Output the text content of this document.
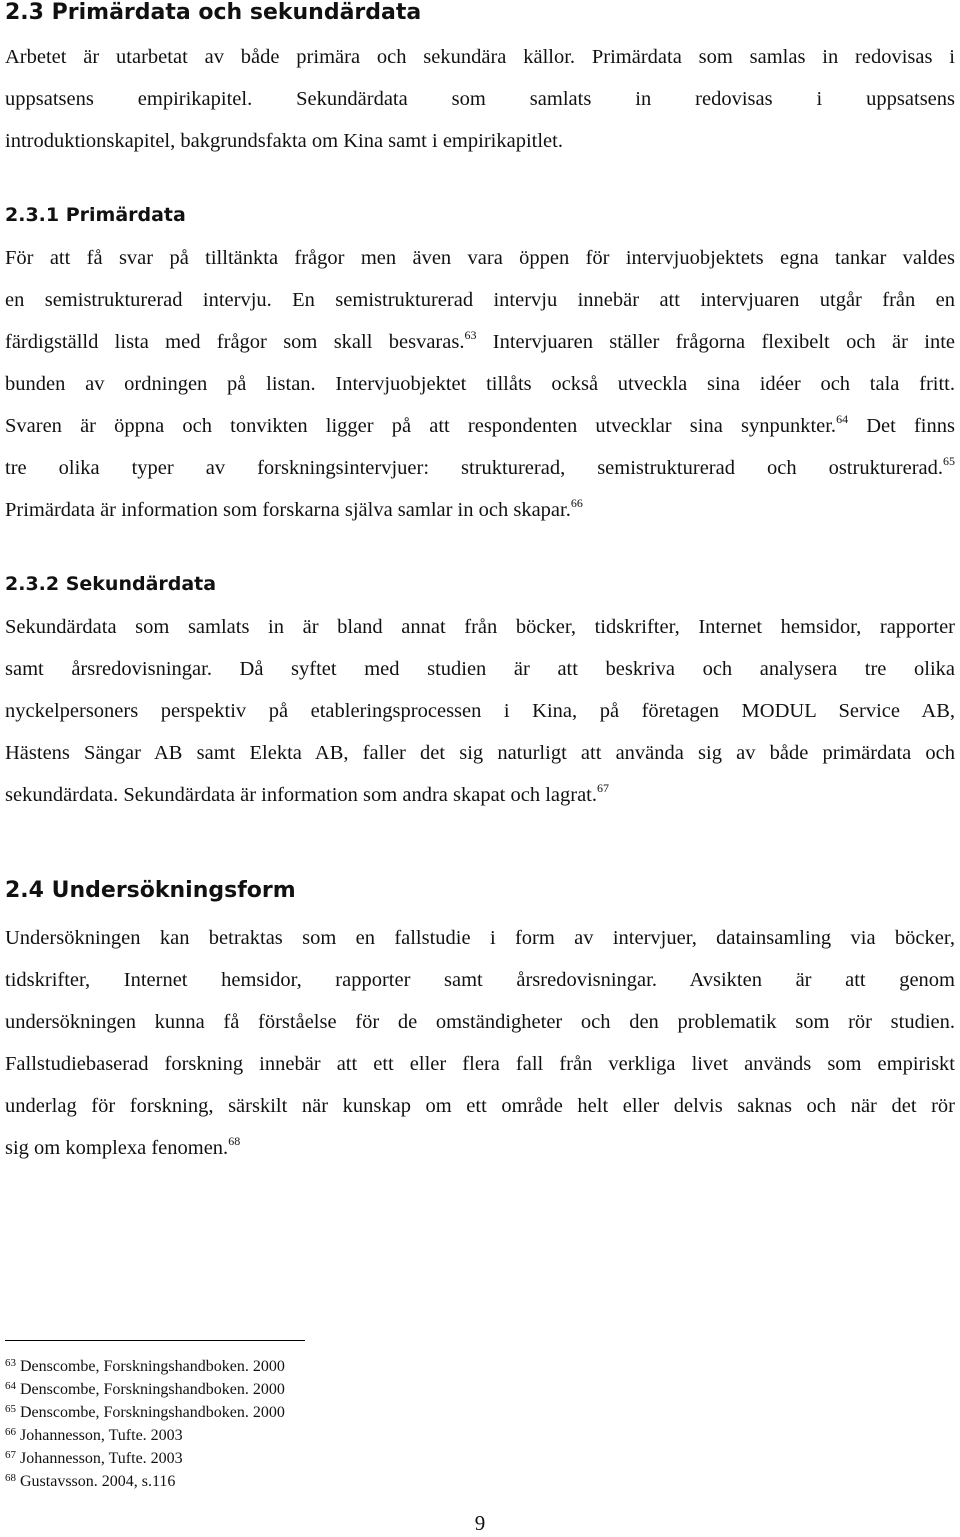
2.3 Primärdata och sekundärdata
Arbetet är utarbetat av både primära och sekundära källor. Primärdata som samlas in redovisas i
uppsatsens empirikapitel. Sekundärdata som samlats in redovisas i uppsatsens
introduktionskapitel, bakgrundsfakta om Kina samt i empirikapitlet.
2.3.1 Primärdata
För att få svar på tilltänkta frågor men även vara öppen för intervjuobjektets egna tankar valdes
en semistrukturerad intervju. En semistrukturerad intervju innebär att intervjuaren utgår från en
färdigställd lista med frågor som skall besvaras.$^{63}$ Intervjuaren ställer frågorna flexibelt och är inte
bunden av ordningen på listan. Intervjuobjektet tillåts också utveckla sina idéer och tala fritt.
Svaren är öppna och tonvikten ligger på att respondenten utvecklar sina synpunkter.$^{64}$ Det finns
tre olika typer av forskningsintervjuer: strukturerad, semistrukturerad och ostrukturerad.$^{65}$
Primärdata är information som forskarna själva samlar in och skapar.$^{66}$
2.3.2 Sekundärdata
Sekundärdata som samlats in är bland annat från böcker, tidskrifter, Internet hemsidor, rapporter
samt årsredovisningar. Då syftet med studien är att beskriva och analysera tre olika
nyckelpersoners perspektiv på etableringsprocessen i Kina, på företagen MODUL Service AB,
Hästens Sängar AB samt Elekta AB, faller det sig naturligt att använda sig av både primärdata och
sekundärdata. Sekundärdata är information som andra skapat och lagrat.$^{67}$
2.4 Undersökningsform
Undersökningen kan betraktas som en fallstudie i form av intervjuer, datainsamling via böcker,
tidskrifter, Internet hemsidor, rapporter samt årsredovisningar. Avsikten är att genom
undersökningen kunna få förståelse för de omständigheter och den problematik som rör studien.
Fallstudiebaserad forskning innebär att ett eller flera fall från verkliga livet används som empiriskt
underlag för forskning, särskilt när kunskap om ett område helt eller delvis saknas och när det rör
sig om komplexa fenomen.$^{68}$
$^{63}$ Denscombe, Forskningshandboken. 2000
$^{64}$ Denscombe, Forskningshandboken. 2000
$^{65}$ Denscombe, Forskningshandboken. 2000
$^{66}$ Johannesson, Tufte. 2003
$^{67}$ Johannesson, Tufte. 2003
$^{68}$ Gustavsson. 2004, s.116
9
